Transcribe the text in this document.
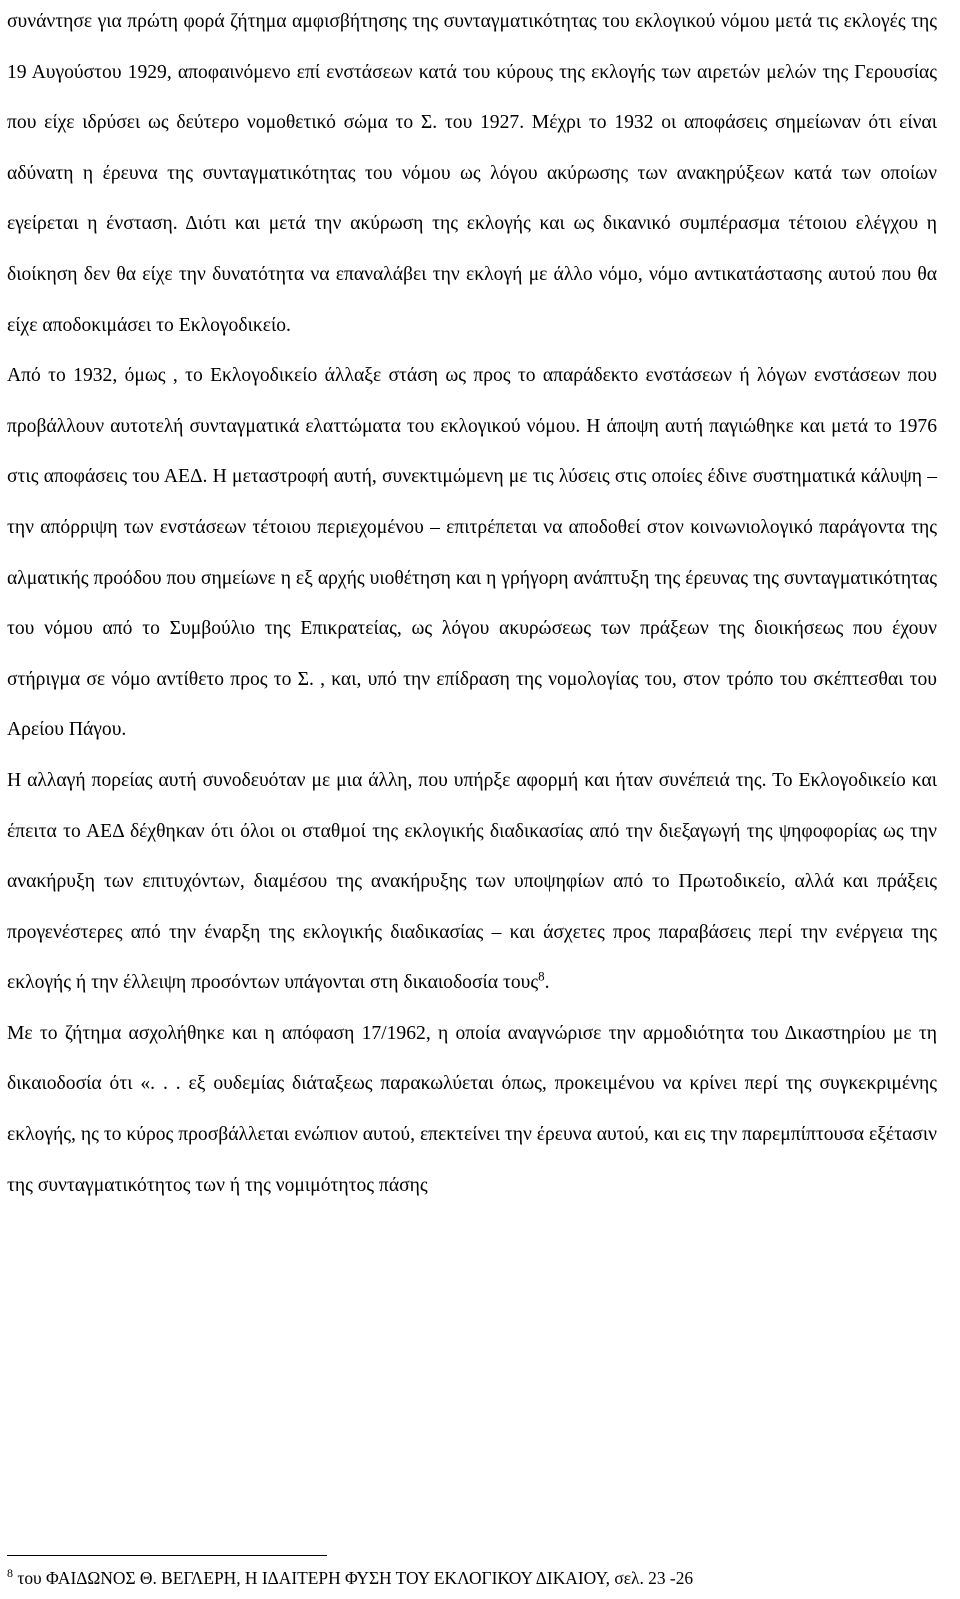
συνάντησε για πρώτη φορά ζήτημα αμφισβήτησης της συνταγματικότητας του εκλογικού νόμου μετά τις εκλογές της 19 Αυγούστου 1929, αποφαινόμενο επί ενστάσεων κατά του κύρους της εκλογής των αιρετών μελών της Γερουσίας που είχε ιδρύσει ως δεύτερο νομοθετικό σώμα το Σ. του 1927. Μέχρι το 1932 οι αποφάσεις σημείωναν ότι είναι αδύνατη η έρευνα της συνταγματικότητας του νόμου ως λόγου ακύρωσης των ανακηρύξεων κατά των οποίων εγείρεται η ένσταση. Διότι και μετά την ακύρωση της εκλογής και ως δικανικό συμπέρασμα τέτοιου ελέγχου η διοίκηση δεν θα είχε την δυνατότητα να επαναλάβει την εκλογή με άλλο νόμο, νόμο αντικατάστασης αυτού που θα είχε αποδοκιμάσει το Εκλογοδικείο.

Από το 1932, όμως , το Εκλογοδικείο άλλαξε στάση ως προς το απαράδεκτο ενστάσεων ή λόγων ενστάσεων που προβάλλουν αυτοτελή συνταγματικά ελαττώματα του εκλογικού νόμου. Η άποψη αυτή παγιώθηκε και μετά το 1976 στις αποφάσεις του ΑΕΔ. Η μεταστροφή αυτή, συνεκτιμώμενη με τις λύσεις στις οποίες έδινε συστηματικά κάλυψη – την απόρριψη των ενστάσεων τέτοιου περιεχομένου – επιτρέπεται να αποδοθεί στον κοινωνιολογικό παράγοντα της αλματικής προόδου που σημείωνε η εξ αρχής υιοθέτηση και η γρήγορη ανάπτυξη της έρευνας της συνταγματικότητας του νόμου από το Συμβούλιο της Επικρατείας, ως λόγου ακυρώσεως των πράξεων της διοικήσεως που έχουν στήριγμα σε νόμο αντίθετο προς το Σ. , και, υπό την επίδραση της νομολογίας του, στον τρόπο του σκέπτεσθαι του Αρείου Πάγου.

Η αλλαγή πορείας αυτή συνοδευόταν με μια άλλη, που υπήρξε αφορμή και ήταν συνέπειά της. Το Εκλογοδικείο και έπειτα το ΑΕΔ δέχθηκαν ότι όλοι οι σταθμοί της εκλογικής διαδικασίας από την διεξαγωγή της ψηφοφορίας ως την ανακήρυξη των επιτυχόντων, διαμέσου της ανακήρυξης των υποψηφίων από το Πρωτοδικείο, αλλά και πράξεις προγενέστερες από την έναρξη της εκλογικής διαδικασίας – και άσχετες προς παραβάσεις περί την ενέργεια της εκλογής ή την έλλειψη προσόντων υπάγονται στη δικαιοδοσία τους$^8$.

Με το ζήτημα ασχολήθηκε και η απόφαση 17/1962, η οποία αναγνώρισε την αρμοδιότητα του Δικαστηρίου με τη δικαιοδοσία ότι «. . . εξ ουδεμίας διάταξεως παρακωλύεται όπως, προκειμένου να κρίνει περί της συγκεκριμένης εκλογής, ης το κύρος προσβάλλεται ενώπιον αυτού, επεκτείνει την έρευνα αυτού, και εις την παρεμπίπτουσα εξέτασιν της συνταγματικότητος των ή της νομιμότητος πάσης

$^8$ του ΦΑΙΔΩΝΟΣ Θ. ΒΕΓΛΕΡΗ, Η ΙΔΑΙΤΕΡΗ ΦΥΣΗ ΤΟΥ ΕΚΛΟΓΙΚΟΥ ΔΙΚΑΙΟΥ, σελ. 23 -26
